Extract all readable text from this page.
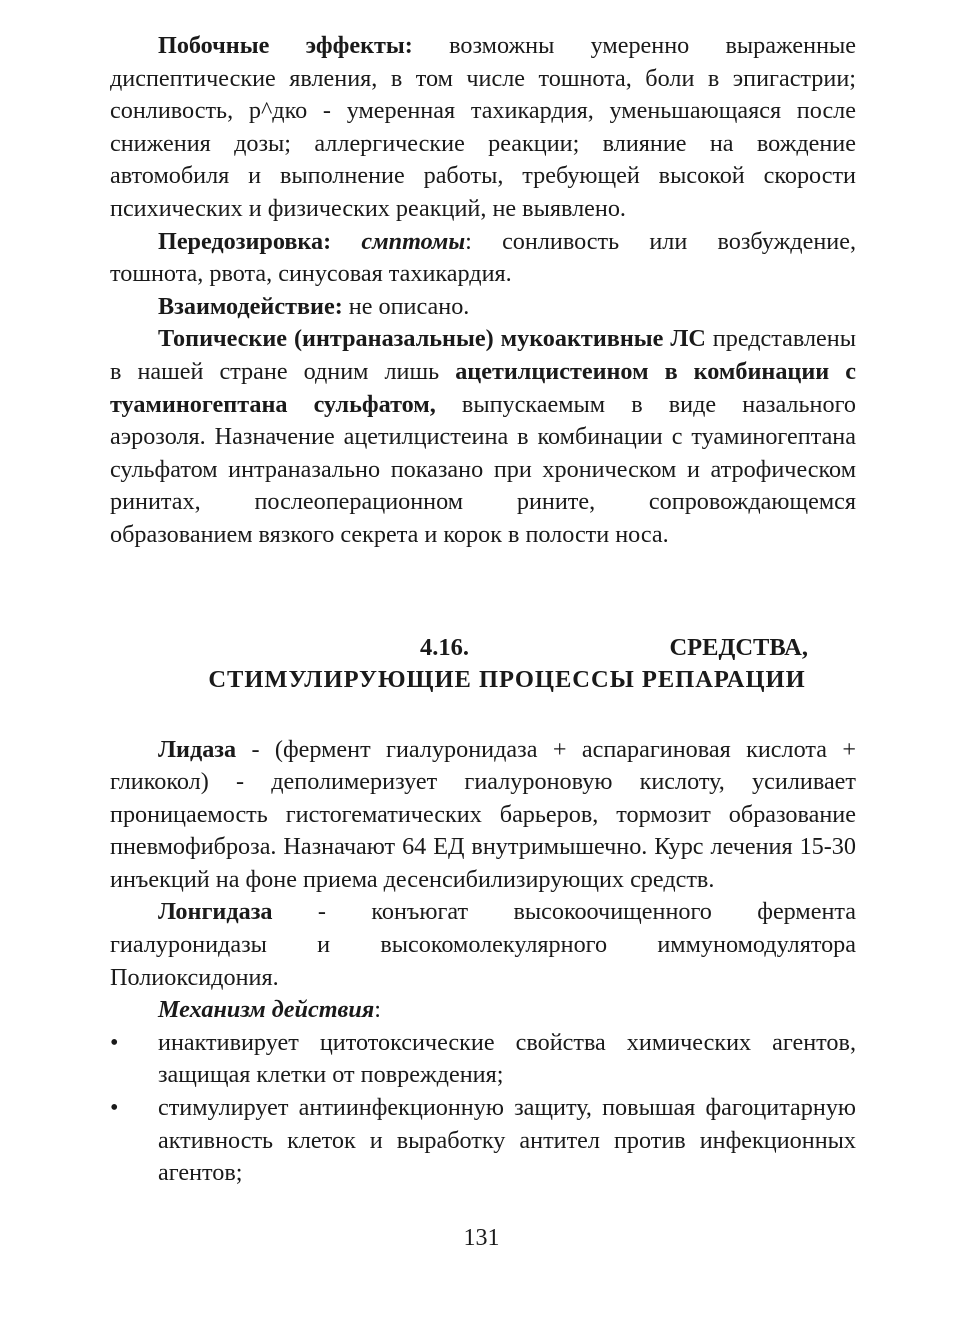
Побочные эффекты: возможны умеренно выраженные диспептические явления, в том числе тошнота, боли в эпигастрии; сонливость, р^дко - умеренная тахикардия, уменьшающаяся после снижения дозы; аллергические реакции; влияние на вождение автомобиля и выполнение работы, требующей высокой скорости психических и физических реакций, не выявлено.

Передозировка: смптомы: сонливость или возбуждение, тошнота, рвота, синусовая тахикардия.

Взаимодействие: не описано.

Топические (интраназальные) мукоактивные ЛС представлены в нашей стране одним лишь ацетилцистеином в комбинации с туаминогептана сульфатом, выпускаемым в виде назального аэрозоля. Назначение ацетилцистеина в комбинации с туаминогептана сульфатом интраназально показано при хроническом и атрофическом ринитах, послеоперационном рините, сопровождающемся образованием вязкого секрета и корок в полости носа.

4.16.	СРЕДСТВА,
СТИМУЛИРУЮЩИЕ ПРОЦЕССЫ РЕПАРАЦИИ

Лидаза - (фермент гиалуронидаза + аспарагиновая кислота + гликокол) - деполимеризует гиалуроновую кислоту, усиливает проницаемость гистогематических барьеров, тормозит образование пневмофиброза. Назначают 64 ЕД внутримышечно. Курс лечения 15-30 инъекций на фоне приема десенсибилизирующих средств.

Лонгидаза - конъюгат высокоочищенного фермента гиалуронидазы и высокомолекулярного иммуномодулятора Полиоксидония.

Механизм действия:

•	инактивирует цитотоксические свойства химических агентов, защищая клетки от повреждения;
•	стимулирует антиинфекционную защиту, повышая фагоцитарную активность клеток и выработку антител против инфекционных агентов;
131
